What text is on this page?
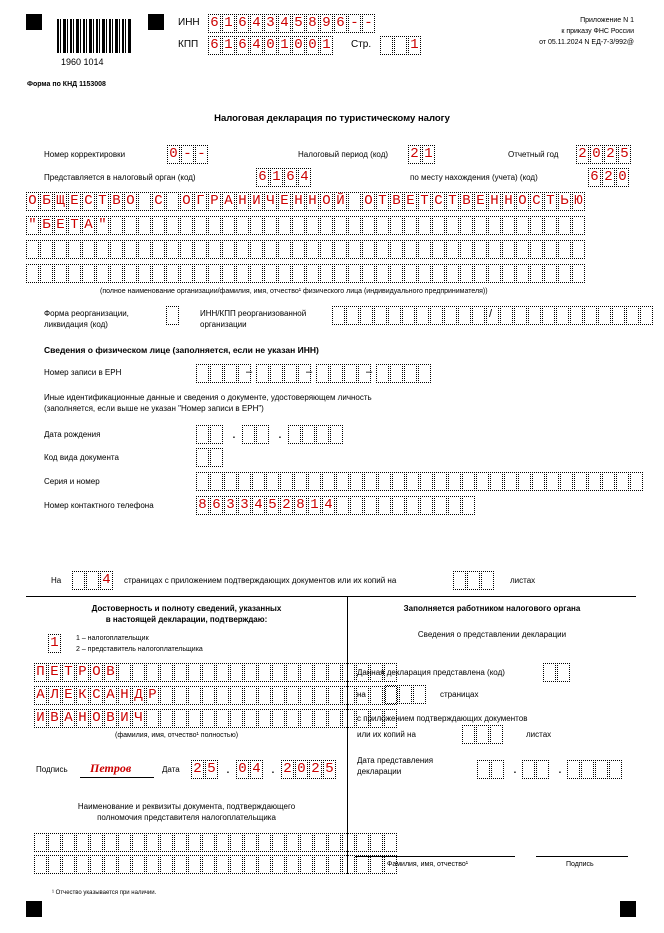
1960 1014
Форма по КНД 1153008
ИНН 6 1 6 4 3 4 5 8 9 6 - -
КПП 6 1 6 4 0 1 0 0 1 Стр.	1
Приложение N 1
к приказу ФНС России
от 05.11.2024 N ЕД-7-3/992@
Налоговая декларация по туристическому налогу
Номер корректировки	0 - -	Налоговый период (код) 2 1	Отчетный год 2 0 2 5
Представляется в налоговый орган (код)	6 1 6 4	по месту нахождения (учета) (код)	6 2 0
О Б Щ Е С Т В О С О Г Р А Н И Ч Е Н Н О Й О Т В Е Т С Т В Е Н Н О С Т Ь Ю
" Б Е Т А "
(полное наименование организации/фамилия, имя, отчество¹ физического лица (индивидуального предпринимателя))
Форма реорганизации,
ликвидация (код)
ИНН/КПП реорганизованной
организации
/
Сведения о физическом лице (заполняется, если не указан ИНН)
Номер записи в ЕРН	–	–	–
Иные идентификационные данные и сведения о документе, удостоверяющем личность
(заполняется, если выше не указан "Номер записи в ЕРН")
Дата рождения	.	.
Код вида документа
Серия и номер
Номер контактного телефона	8 6 3 3 4 5 2 8 1 4
На	4 страницах с приложением подтверждающих документов или их копий на	листах
Достоверность и полноту сведений, указанных
в настоящей декларации, подтверждаю:
1	1 – налогоплательщик
2 – представитель налогоплательщика
П Е Т Р О В
А Л Е К С А Н Д Р
И В А Н О В И Ч
(фамилия, имя, отчество¹ полностью)
Подпись Петров	Дата 2 5 . 0 4 . 2 0 2 5
Наименование и реквизиты документа, подтверждающего
полномочия представителя налогоплательщика
Заполняется работником налогового органа
Сведения о представлении декларации
Данная декларация представлена (код)
на	страницах
с приложением подтверждающих документов
или их копий на	листах
Дата представления
декларации	.	.
Фамилия, имя, отчество¹	Подпись
¹ Отчество указывается при наличии.
